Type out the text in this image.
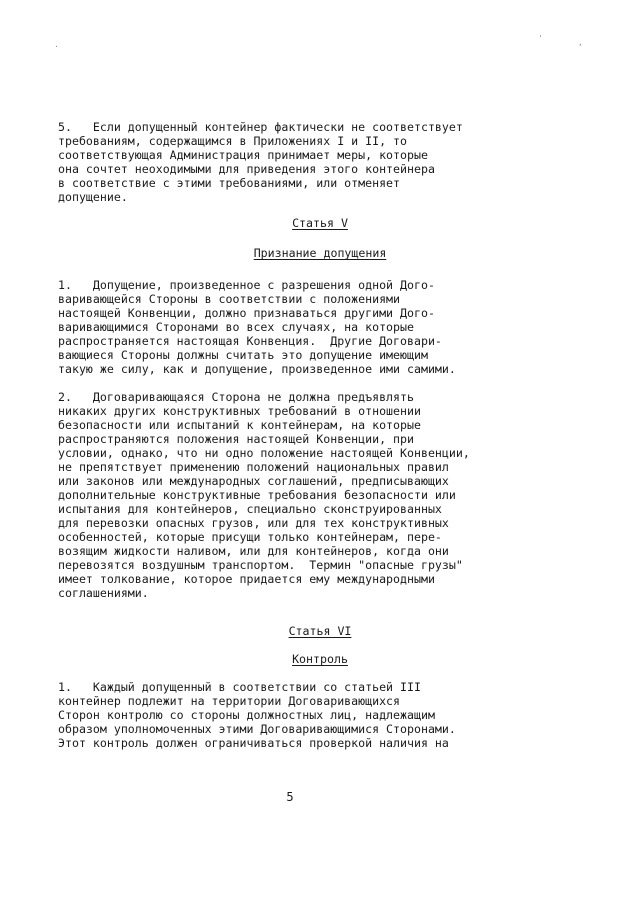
·
'	,
5.   Если допущенный контейнер фактически не соответствует
требованиям, содержащимся в Приложениях I и II, то
соответствующая Администрация принимает меры, которые
она сочтет неоходимыми для приведения этого контейнера
в соответствие с этими требованиями, или отменяет
допущение.
Статья V
Признание допущения
1.   Допущение, произведенное с разрешения одной Дого-
варивающейся Стороны в соответствии с положениями
настоящей Конвенции, должно признаваться другими Дого-
варивающимися Сторонами во всех случаях, на которые
распространяется настоящая Конвенция.  Другие Договари-
вающиеся Стороны должны считать это допущение имеющим
такую же силу, как и допущение, произведенное ими самими.
2.   Договаривающаяся Сторона не должна предъявлять
никаких других конструктивных требований в отношении
безопасности или испытаний к контейнерам, на которые
распространяются положения настоящей Конвенции, при
условии, однако, что ни одно положение настоящей Конвенции,
не препятствует применению положений национальных правил
или законов или международных соглашений, предписывающих
дополнительные конструктивные требования безопасности или
испытания для контейнеров, специально сконструированных
для перевозки опасных грузов, или для тех конструктивных
особенностей, которые присущи только контейнерам, пере-
возящим жидкости наливом, или для контейнеров, когда они
перевозятся воздушным транспортом.  Термин "опасные грузы"
имеет толкование, которое придается ему международными
соглашениями.
Статья VI
Контроль
1.   Каждый допущенный в соответствии со статьей III
контейнер подлежит на территории Договаривающихся
Сторон контролю со стороны должностных лиц, надлежащим
образом уполномоченных этими Договаривающимися Сторонами.
Этот контроль должен ограничиваться проверкой наличия на
5
